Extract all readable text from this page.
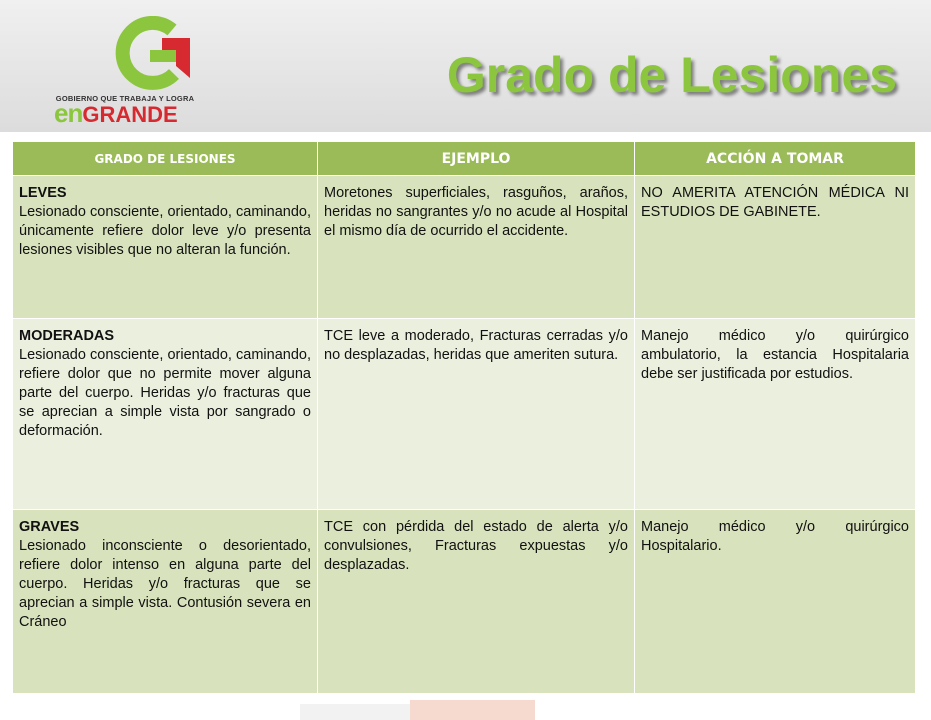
GOBIERNO QUE TRABAJA Y LOGRA
enGRANDE
Grado de Lesiones
GRADO DE LESIONES	EJEMPLO	ACCIÓN A TOMAR

LEVES
Lesionado consciente, orientado, caminando, únicamente refiere dolor leve y/o presenta lesiones visibles que no alteran la función.	Moretones superficiales, rasguños, araños, heridas no sangrantes y/o no acude al Hospital el mismo día de ocurrido el accidente.	NO AMERITA ATENCIÓN MÉDICA NI ESTUDIOS DE GABINETE.

MODERADAS
Lesionado consciente, orientado, caminando, refiere dolor que no permite mover alguna parte del cuerpo. Heridas y/o fracturas que se aprecian a simple vista por sangrado o deformación.	TCE leve a moderado, Fracturas cerradas y/o no desplazadas, heridas que ameriten sutura.	Manejo médico y/o quirúrgico ambulatorio, la estancia Hospitalaria debe ser justificada por estudios.

GRAVES
Lesionado inconsciente o desorientado, refiere dolor intenso en alguna parte del cuerpo. Heridas y/o fracturas que se aprecian a simple vista. Contusión severa en Cráneo	TCE con pérdida del estado de alerta y/o convulsiones, Fracturas expuestas y/o desplazadas.	Manejo médico y/o quirúrgico Hospitalario.
